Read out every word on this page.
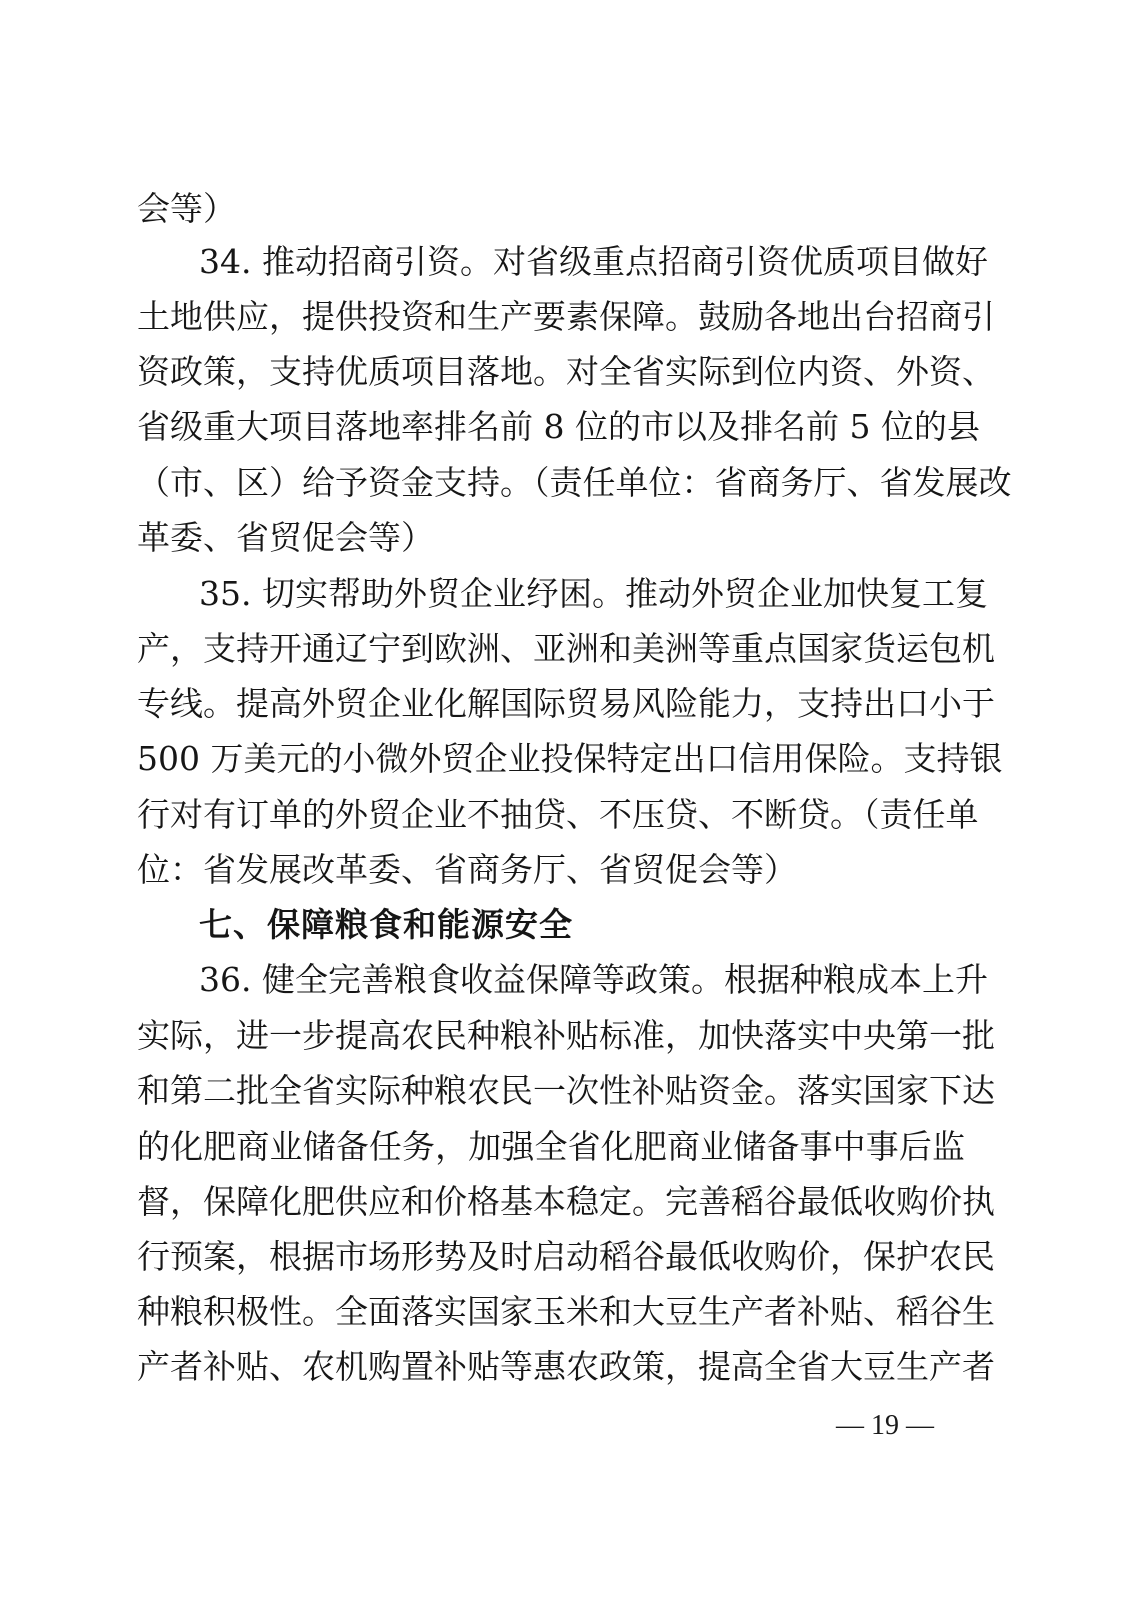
会等）
34. 推动招商引资。对省级重点招商引资优质项目做好
土地供应，提供投资和生产要素保障。鼓励各地出台招商引
资政策，支持优质项目落地。对全省实际到位内资、外资、
省级重大项目落地率排名前 8 位的市以及排名前 5 位的县
（市、区）给予资金支持。（责任单位：省商务厅、省发展改
革委、省贸促会等）
35. 切实帮助外贸企业纾困。推动外贸企业加快复工复
产，支持开通辽宁到欧洲、亚洲和美洲等重点国家货运包机
专线。提高外贸企业化解国际贸易风险能力，支持出口小于
500 万美元的小微外贸企业投保特定出口信用保险。支持银
行对有订单的外贸企业不抽贷、不压贷、不断贷。（责任单
位：省发展改革委、省商务厅、省贸促会等）
七、保障粮食和能源安全
36. 健全完善粮食收益保障等政策。根据种粮成本上升
实际，进一步提高农民种粮补贴标准，加快落实中央第一批
和第二批全省实际种粮农民一次性补贴资金。落实国家下达
的化肥商业储备任务，加强全省化肥商业储备事中事后监
督，保障化肥供应和价格基本稳定。完善稻谷最低收购价执
行预案，根据市场形势及时启动稻谷最低收购价，保护农民
种粮积极性。全面落实国家玉米和大豆生产者补贴、稻谷生
产者补贴、农机购置补贴等惠农政策，提高全省大豆生产者
— 19 —
